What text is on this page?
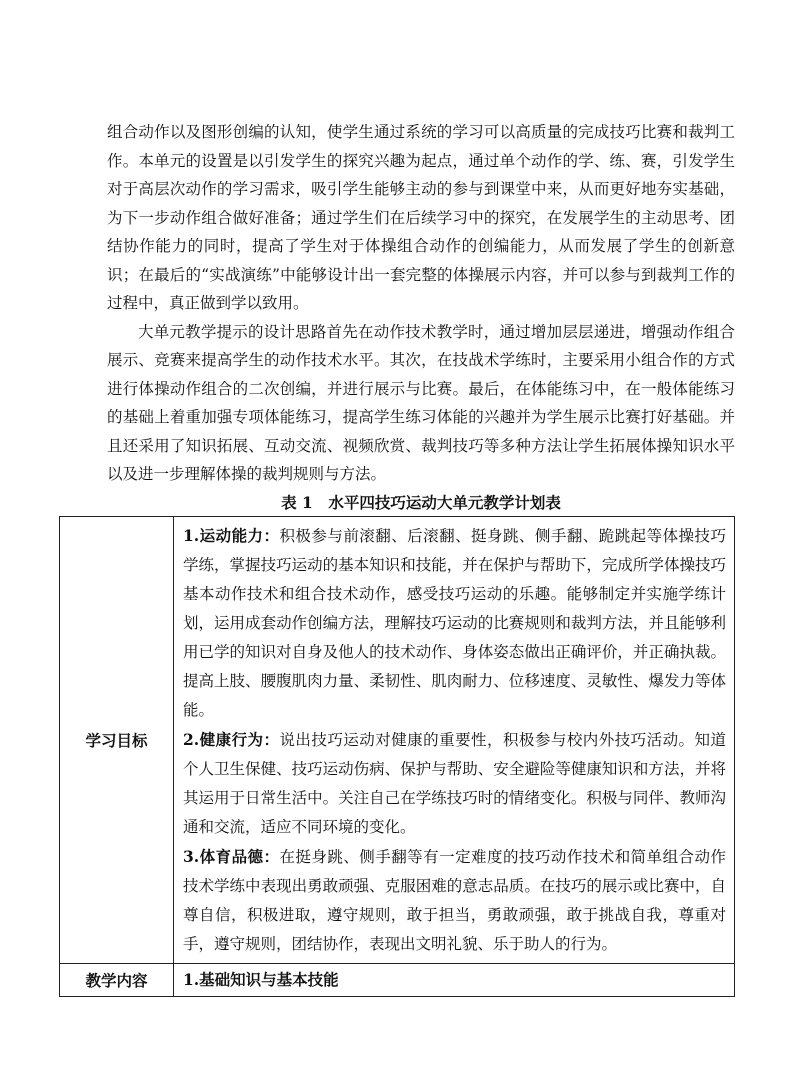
组合动作以及图形创编的认知，使学生通过系统的学习可以高质量的完成技巧比赛和裁判工作。本单元的设置是以引发学生的探究兴趣为起点，通过单个动作的学、练、赛，引发学生对于高层次动作的学习需求，吸引学生能够主动的参与到课堂中来，从而更好地夯实基础，为下一步动作组合做好准备；通过学生们在后续学习中的探究，在发展学生的主动思考、团结协作能力的同时，提高了学生对于体操组合动作的创编能力，从而发展了学生的创新意识；在最后的“实战演练”中能够设计出一套完整的体操展示内容，并可以参与到裁判工作的过程中，真正做到学以致用。

大单元教学提示的设计思路首先在动作技术教学时，通过增加层层递进，增强动作组合展示、竞赛来提高学生的动作技术水平。其次，在技战术学练时，主要采用小组合作的方式进行体操动作组合的二次创编，并进行展示与比赛。最后，在体能练习中，在一般体能练习的基础上着重加强专项体能练习，提高学生练习体能的兴趣并为学生展示比赛打好基础。并且还采用了知识拓展、互动交流、视频欣赏、裁判技巧等多种方法让学生拓展体操知识水平以及进一步理解体操的裁判规则与方法。

表 1　水平四技巧运动大单元教学计划表

学习目标	1.运动能力：积极参与前滚翻、后滚翻、挺身跳、侧手翻、跪跳起等体操技巧学练，掌握技巧运动的基本知识和技能，并在保护与帮助下，完成所学体操技巧基本动作技术和组合技术动作，感受技巧运动的乐趣。能够制定并实施学练计划，运用成套动作创编方法，理解技巧运动的比赛规则和裁判方法，并且能够利用已学的知识对自身及他人的技术动作、身体姿态做出正确评价，并正确执裁。提高上肢、腰腹肌肉力量、柔韧性、肌肉耐力、位移速度、灵敏性、爆发力等体能。

2.健康行为：说出技巧运动对健康的重要性，积极参与校内外技巧活动。知道个人卫生保健、技巧运动伤病、保护与帮助、安全避险等健康知识和方法，并将其运用于日常生活中。关注自己在学练技巧时的情绪变化。积极与同伴、教师沟通和交流，适应不同环境的变化。

3.体育品德：在挺身跳、侧手翻等有一定难度的技巧动作技术和简单组合动作技术学练中表现出勇敢顽强、克服困难的意志品质。在技巧的展示或比赛中，自尊自信，积极进取，遵守规则，敢于担当，勇敢顽强，敢于挑战自我，尊重对手，遵守规则，团结协作，表现出文明礼貌、乐于助人的行为。

教学内容	1.基础知识与基本技能
